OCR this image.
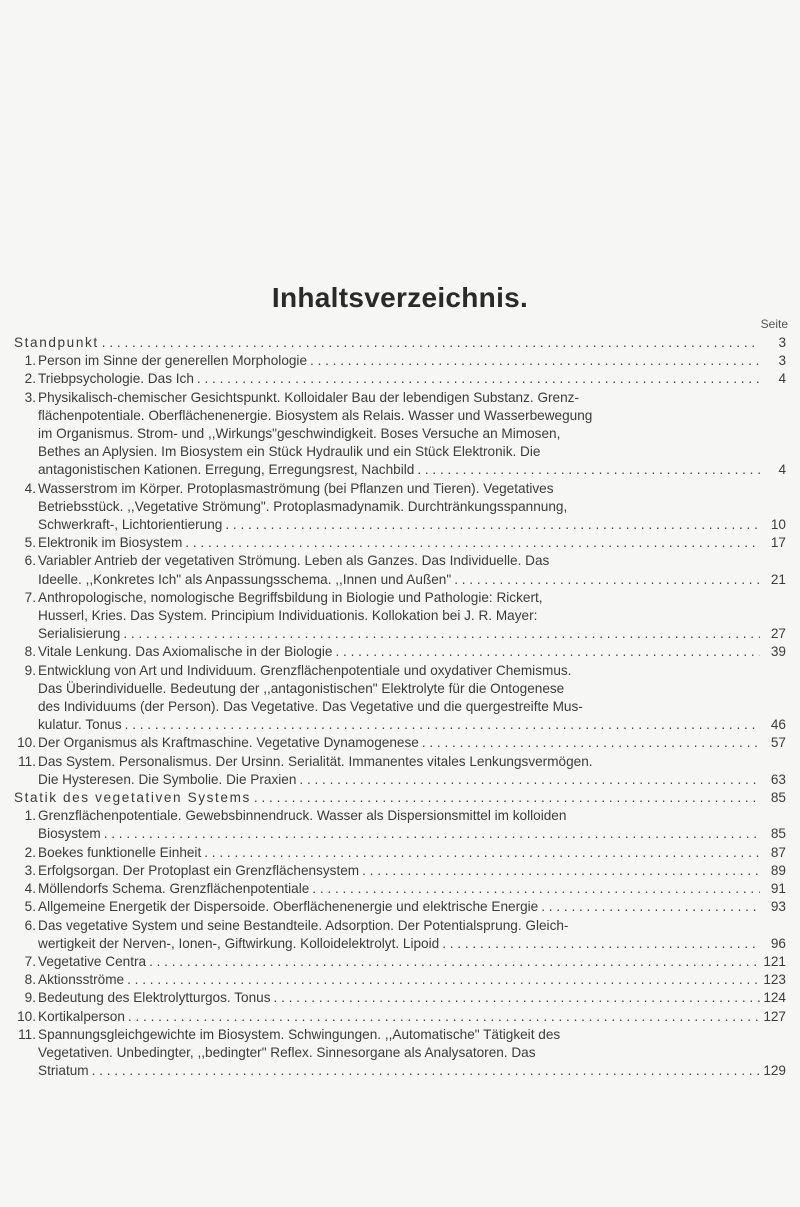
Inhaltsverzeichnis.
Seite
Standpunkt . . .	3
1. Person im Sinne der generellen Morphologie . . .	3
2. Triebpsychologie. Das Ich . . .	4
3. Physikalisch-chemischer Gesichtspunkt. Kolloidaler Bau der lebendigen Substanz. Grenz-
flächenpotentiale. Oberflächenenergie. Biosystem als Relais. Wasser und Wasserbewegung
im Organismus. Strom- und ,,Wirkungs"geschwindigkeit. Boses Versuche an Mimosen,
Bethes an Aplysien. Im Biosystem ein Stück Hydraulik und ein Stück Elektronik. Die
antagonistischen Kationen. Erregung, Erregungsrest, Nachbild . . .	4
4. Wasserstrom im Körper. Protoplasmaströmung (bei Pflanzen und Tieren). Vegetatives
Betriebsstück. ,,Vegetative Strömung". Protoplasmadynamik. Durchtränkungsspannung,
Schwerkraft-, Lichtorientierung . . .	10
5. Elektronik im Biosystem . . .	17
6. Variabler Antrieb der vegetativen Strömung. Leben als Ganzes. Das Individuelle. Das
Ideelle. ,,Konkretes Ich" als Anpassungsschema. ,,Innen und Außen" . . .	21
7. Anthropologische, nomologische Begriffsbildung in Biologie und Pathologie: Rickert,
Husserl, Kries. Das System. Principium Individuationis. Kollokation bei J. R. Mayer:
Serialisierung . . .	27
8. Vitale Lenkung. Das Axiomalische in der Biologie . . .	39
9. Entwicklung von Art und Individuum. Grenzflächenpotentiale und oxydativer Chemismus.
Das Überindividuelle. Bedeutung der ,,antagonistischen" Elektrolyte für die Ontogenese
des Individuums (der Person). Das Vegetative. Das Vegetative und die quergestreifte Mus-
kulatur. Tonus . . .	46
10. Der Organismus als Kraftmaschine. Vegetative Dynamogenese . . .	57
11. Das System. Personalismus. Der Ursinn. Serialität. Immanentes vitales Lenkungsvermögen.
Die Hysteresen. Die Symbolie. Die Praxien . . .	63
Statik des vegetativen Systems . . .	85
1. Grenzflächenpotentiale. Gewebsbinnendruck. Wasser als Dispersionsmittel im kolloiden
Biosystem . . .	85
2. Boekes funktionelle Einheit . . .	87
3. Erfolgsorgan. Der Protoplast ein Grenzflächensystem . . .	89
4. Möllendorfs Schema. Grenzflächenpotentiale . . .	91
5. Allgemeine Energetik der Dispersoide. Oberflächenenergie und elektrische Energie . . .	93
6. Das vegetative System und seine Bestandteile. Adsorption. Der Potentialsprung. Gleich-
wertigkeit der Nerven-, Ionen-, Giftwirkung. Kolloidelektrolyt. Lipoid . . .	96
7. Vegetative Centra . . .	121
8. Aktionsströme . . .	123
9. Bedeutung des Elektrolytturgos. Tonus . . .	124
10. Kortikalperson . . .	127
11. Spannungsgleichgewichte im Biosystem. Schwingungen. ,,Automatische" Tätigkeit des
Vegetativen. Unbedingter, ,,bedingter" Reflex. Sinnesorgane als Analysatoren. Das
Striatum . . .	129
